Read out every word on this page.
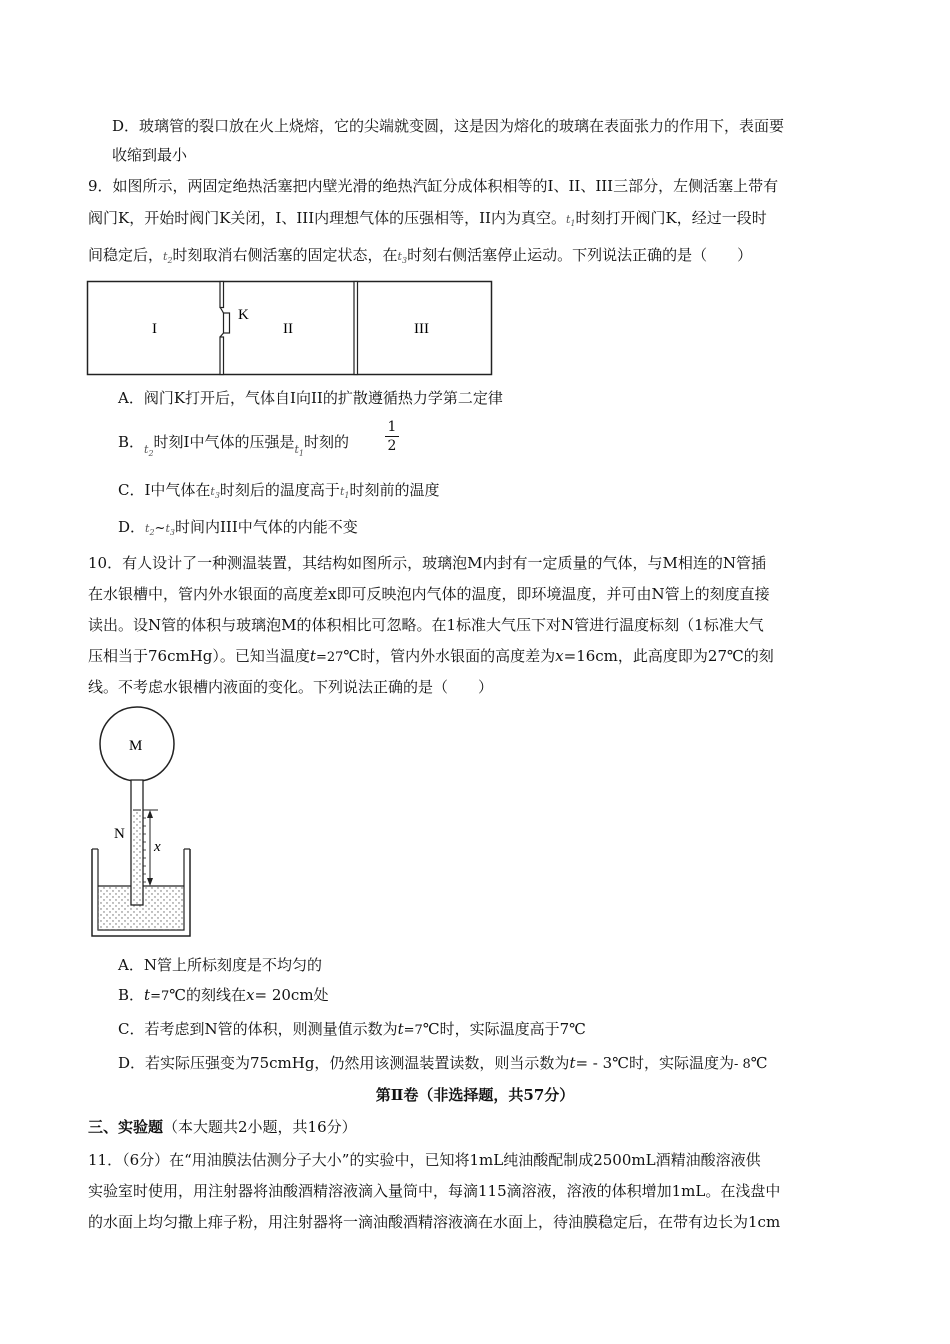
D．玻璃管的裂口放在火上烧熔，它的尖端就变圆，这是因为熔化的玻璃在表面张力的作用下，表面要
收缩到最小
9．如图所示，两固定绝热活塞把内壁光滑的绝热汽缸分成体积相等的I、II、III三部分，左侧活塞上带有
阀门K，开始时阀门K关闭，I、III内理想气体的压强相等，II内为真空。$t_1$时刻打开阀门K，经过一段时
间稳定后，$t_2$时刻取消右侧活塞的固定状态，在$t_3$时刻右侧活塞停止运动。下列说法正确的是（　　）
I
K
II	III
A．阀门K打开后，气体自I向II的扩散遵循热力学第二定律
B．$_{t_2}$时刻I中气体的压强是$_{t_1}$时刻的	$\frac{1}{2}$
C．I中气体在$t_3$时刻后的温度高于$t_1$时刻前的温度
D．$t_2\sim t_3$时间内III中气体的内能不变
10．有人设计了一种测温装置，其结构如图所示，玻璃泡M内封有一定质量的气体，与M相连的N管插
在水银槽中，管内外水银面的高度差x即可反映泡内气体的温度，即环境温度，并可由N管上的刻度直接
读出。设N管的体积与玻璃泡M的体积相比可忽略。在1标准大气压下对N管进行温度标刻（1标准大气
压相当于76cmHg）。已知当温度t=27℃时，管内外水银面的高度差为x=16cm，此高度即为27℃的刻
线。不考虑水银槽内液面的变化。下列说法正确的是（　　）
M
N
x
A．N管上所标刻度是不均匀的
B．t=7℃的刻线在x= 20cm处
C．若考虑到N管的体积，则测量值示数为t=7℃时，实际温度高于7℃
D．若实际压强变为75cmHg，仍然用该测温装置读数，则当示数为t= - 3℃时，实际温度为- 8℃
第Ⅱ卷（非选择题，共57分）
三、实验题（本大题共2小题，共16分）
11．（6分）在“用油膜法估测分子大小”的实验中，已知将1mL纯油酸配制成2500mL酒精油酸溶液供
实验室时使用，用注射器将油酸酒精溶液滴入量筒中，每滴115滴溶液，溶液的体积增加1mL。在浅盘中
的水面上均匀撒上痱子粉，用注射器将一滴油酸酒精溶液滴在水面上，待油膜稳定后，在带有边长为1cm
